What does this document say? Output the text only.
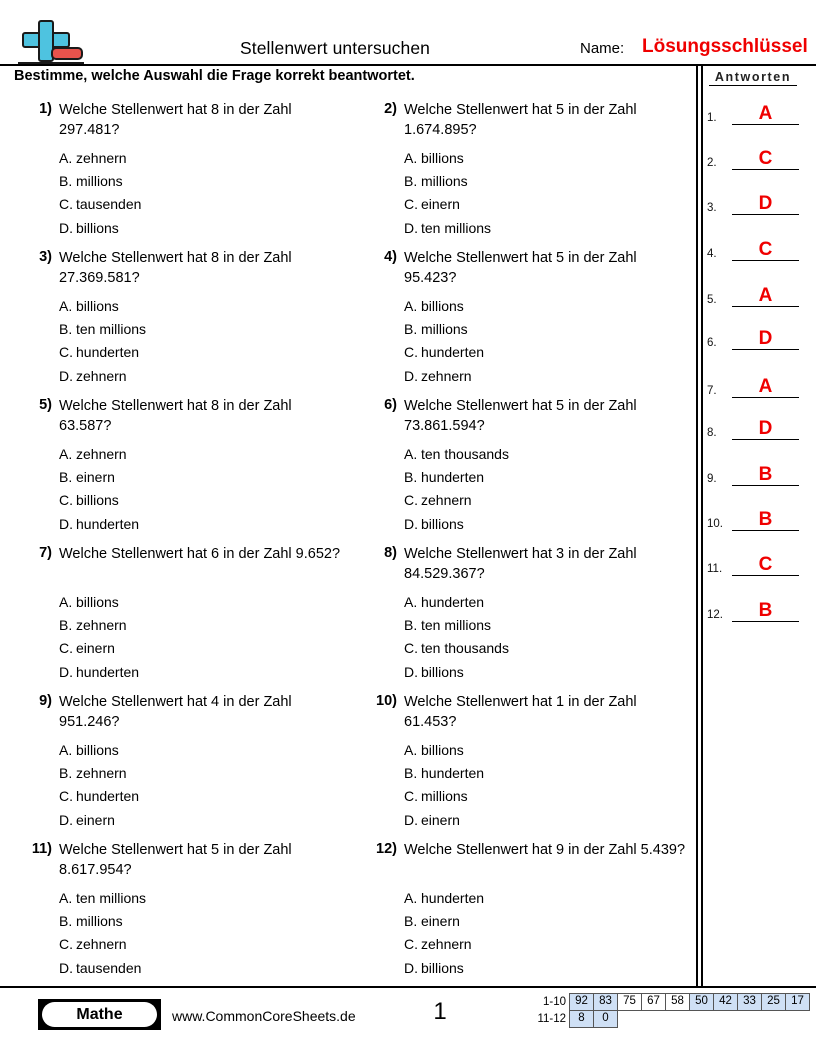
Stellenwert untersuchen	Name: Lösungsschlüssel
Bestimme, welche Auswahl die Frage korrekt beantwortet.	Antworten
1.	A
2.	C
3.	D
4.	C
5.	A
6.	D
7.	A
8.	D
9.	B
10.	B
11.	C
12.	B
1) Welche Stellenwert hat 8 in der Zahl 297.481?
A. zehnern
B. millions
C. tausenden
D. billions
2) Welche Stellenwert hat 5 in der Zahl 1.674.895?
A. billions
B. millions
C. einern
D. ten millions
3) Welche Stellenwert hat 8 in der Zahl 27.369.581?
A. billions
B. ten millions
C. hunderten
D. zehnern
4) Welche Stellenwert hat 5 in der Zahl 95.423?
A. billions
B. millions
C. hunderten
D. zehnern
5) Welche Stellenwert hat 8 in der Zahl 63.587?
A. zehnern
B. einern
C. billions
D. hunderten
6) Welche Stellenwert hat 5 in der Zahl 73.861.594?
A. ten thousands
B. hunderten
C. zehnern
D. billions
7) Welche Stellenwert hat 6 in der Zahl 9.652?
A. billions
B. zehnern
C. einern
D. hunderten
8) Welche Stellenwert hat 3 in der Zahl 84.529.367?
A. hunderten
B. ten millions
C. ten thousands
D. billions
9) Welche Stellenwert hat 4 in der Zahl 951.246?
A. billions
B. zehnern
C. hunderten
D. einern
10) Welche Stellenwert hat 1 in der Zahl 61.453?
A. billions
B. hunderten
C. millions
D. einern
11) Welche Stellenwert hat 5 in der Zahl 8.617.954?
A. ten millions
B. millions
C. zehnern
D. tausenden
12) Welche Stellenwert hat 9 in der Zahl 5.439?
A. hunderten
B. einern
C. zehnern
D. billions
Mathe	www.CommonCoreSheets.de	1	1-10 92 83 75 67 58 50 42 33 25 17
11-12	8	0
